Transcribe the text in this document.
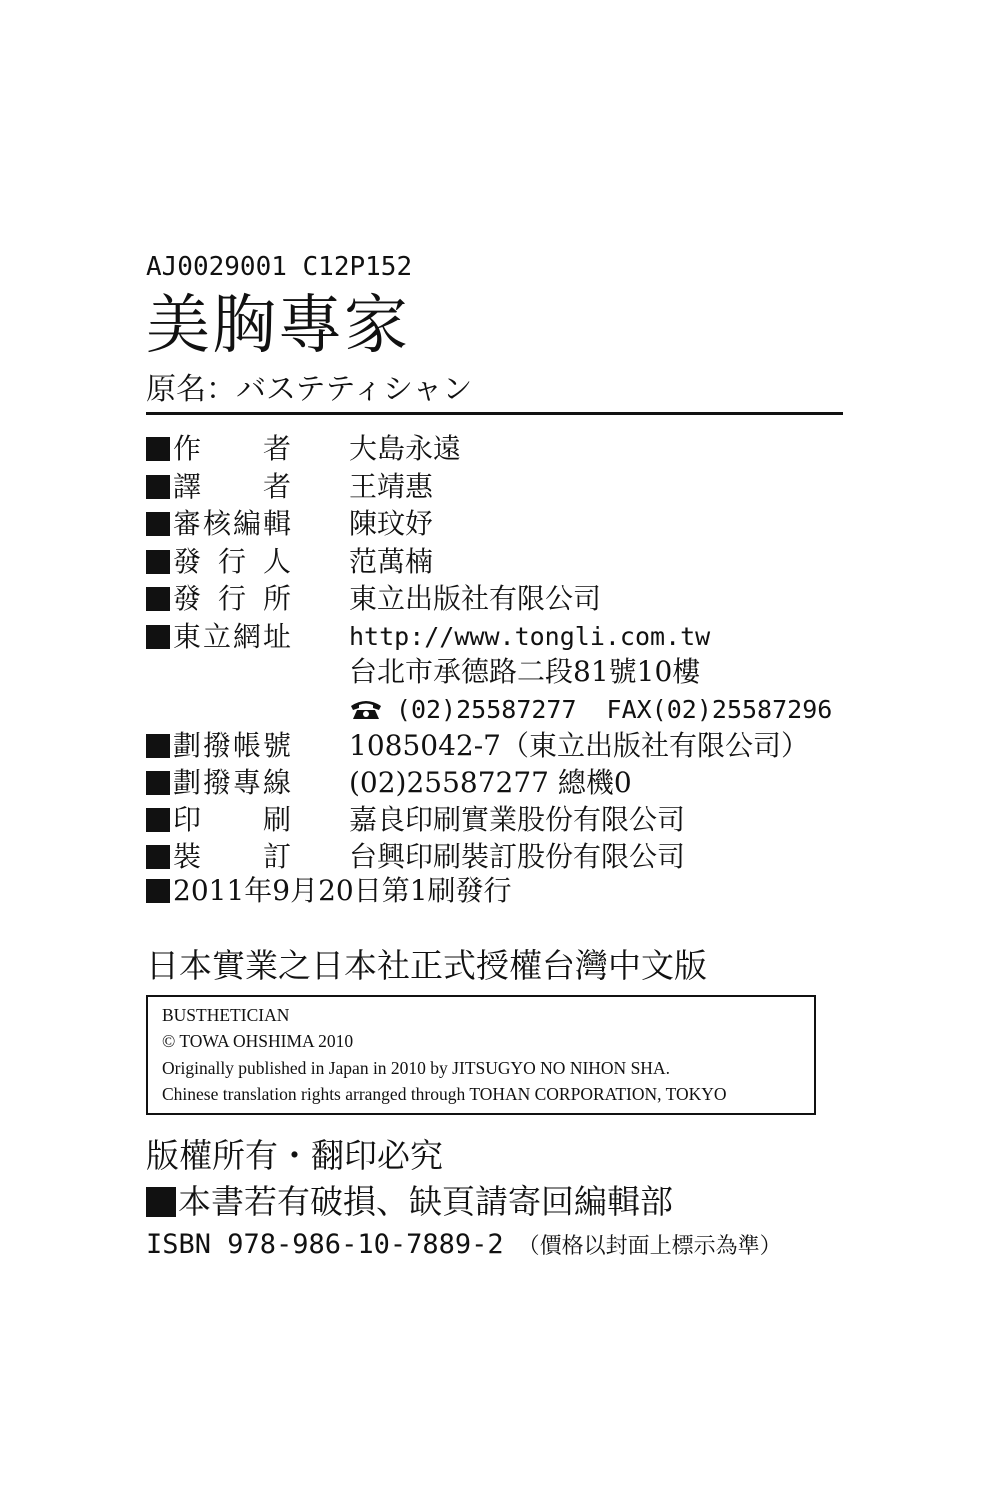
AJ0029001 C12P152
美胸專家
原名：バステティシャン
作 者 大島永遠
譯 者 王靖惠
審 核 編 輯 陳玟妤
發 行 人 范萬楠
發 行 所 東立出版社有限公司
東 立 網 址 http://www.tongli.com.tw
台北市承德路二段81號10樓
(02)25587277 FAX(02)25587296
劃 撥 帳 號 1085042-7（東立出版社有限公司）
劃 撥 專 線 (02)25587277 總機0
印 刷 嘉良印刷實業股份有限公司
裝 訂 台興印刷裝訂股份有限公司
2011年9月20日第1刷發行
日本實業之日本社正式授權台灣中文版
BUSTHETICIAN
© TOWA OHSHIMA 2010
Originally published in Japan in 2010 by JITSUGYO NO NIHON SHA.
Chinese translation rights arranged through TOHAN CORPORATION, TOKYO
版權所有・翻印必究
本書若有破損、缺頁請寄回編輯部
ISBN 978-986-10-7889-2 （價格以封面上標示為準）
